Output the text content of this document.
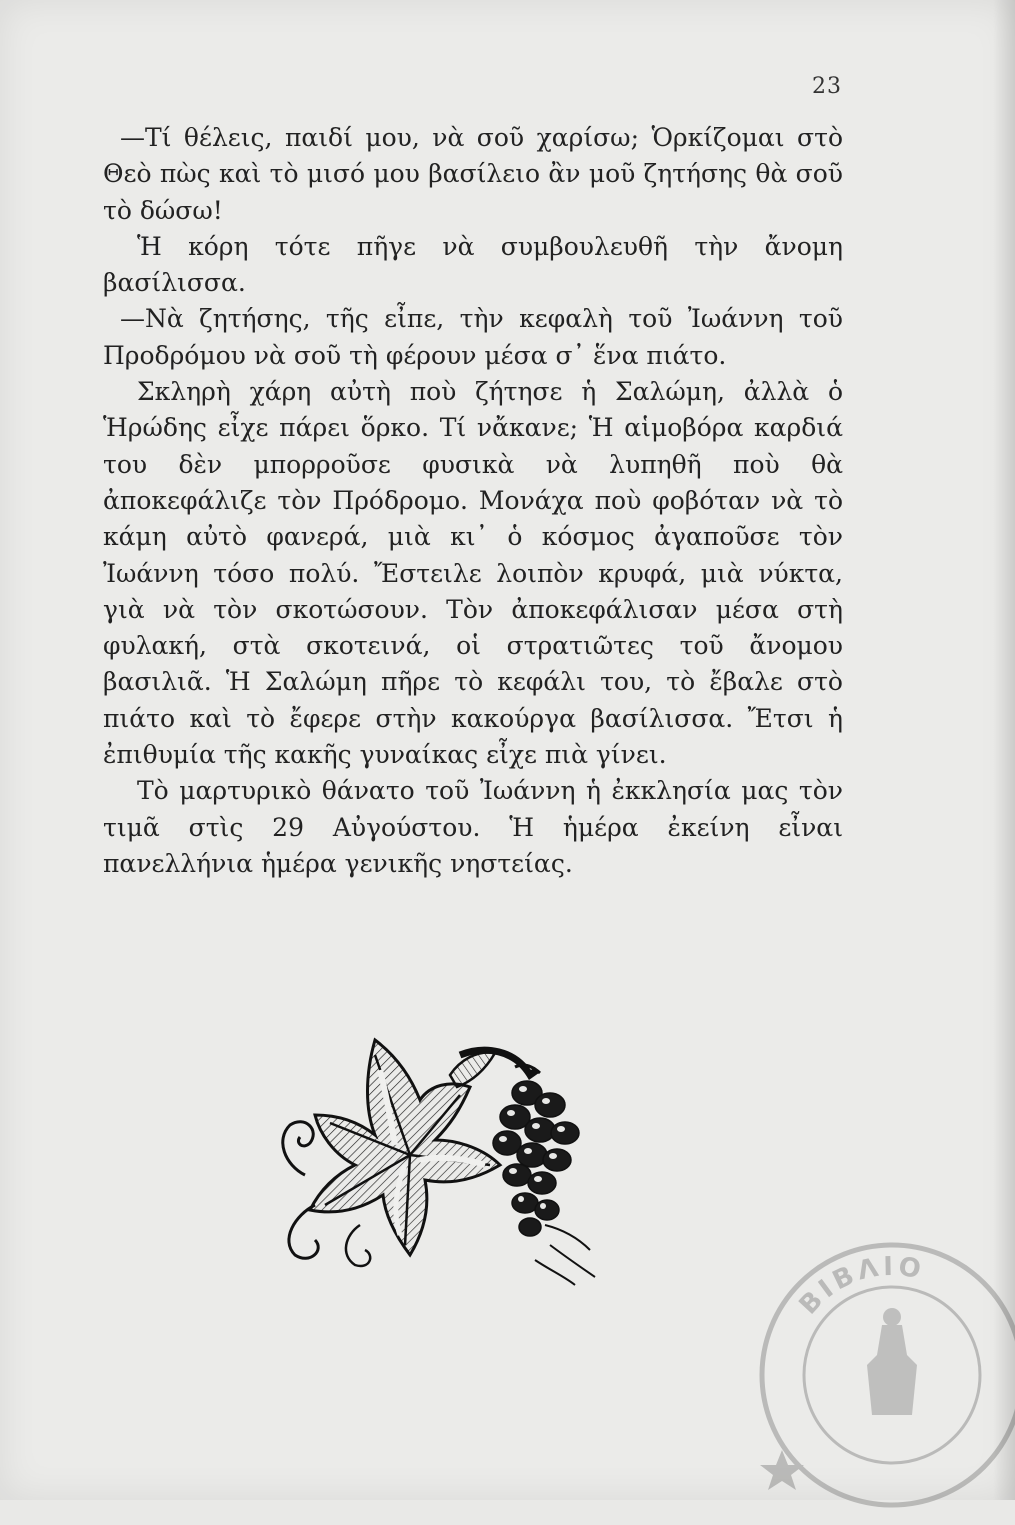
23

—Τί θέλεις, παιδί μου, νὰ σοῦ χαρίσω; Ὁρκίζομαι στὸ Θεὸ πὼς καὶ τὸ μισό μου βασίλειο ἂν μοῦ ζητήσης θὰ σοῦ τὸ δώσω!

Ἡ κόρη τότε πῆγε νὰ συμβουλευθῆ τὴν ἄνομη βασίλισσα.

—Νὰ ζητήσης, τῆς εἶπε, τὴν κεφαλὴ τοῦ Ἰωάννη τοῦ Προδρόμου νὰ σοῦ τὴ φέρουν μέσα σ᾿ ἕνα πιάτο.

Σκληρὴ χάρη αὐτὴ ποὺ ζήτησε ἡ Σαλώμη, ἀλλὰ ὁ Ἡρώδης εἶχε πάρει ὅρκο. Τί νἄκανε; Ἡ αἱμοβόρα καρδιά του δὲν μπορροῦσε φυσικὰ νὰ λυπηθῆ ποὺ θὰ ἀποκεφάλιζε τὸν Πρόδρομο. Μονάχα ποὺ φοβόταν νὰ τὸ κάμη αὐτὸ φανερά, μιὰ κι᾿ ὁ κόσμος ἀγαποῦσε τὸν Ἰωάννη τόσο πολύ. Ἔστειλε λοιπὸν κρυφά, μιὰ νύκτα, γιὰ νὰ τὸν σκοτώσουν. Τὸν ἀποκεφάλισαν μέσα στὴ φυλακή, στὰ σκοτεινά, οἱ στρατιῶτες τοῦ ἄνομου βασιλιᾶ. Ἡ Σαλώμη πῆρε τὸ κεφάλι του, τὸ ἔβαλε στὸ πιάτο καὶ τὸ ἔφερε στὴν κακούργα βασίλισσα. Ἔτσι ἡ ἐπιθυμία τῆς κακῆς γυναίκας εἶχε πιὰ γίνει.

Τὸ μαρτυρικὸ θάνατο τοῦ Ἰωάννη ἡ ἐκκλησία μας τὸν τιμᾶ στὶς 29 Αὐγούστου. Ἡ ἡμέρα ἐκείνη εἶναι πανελλήνια ἡμέρα γενικῆς νηστείας.

ΒΙΒΛΙΟ
